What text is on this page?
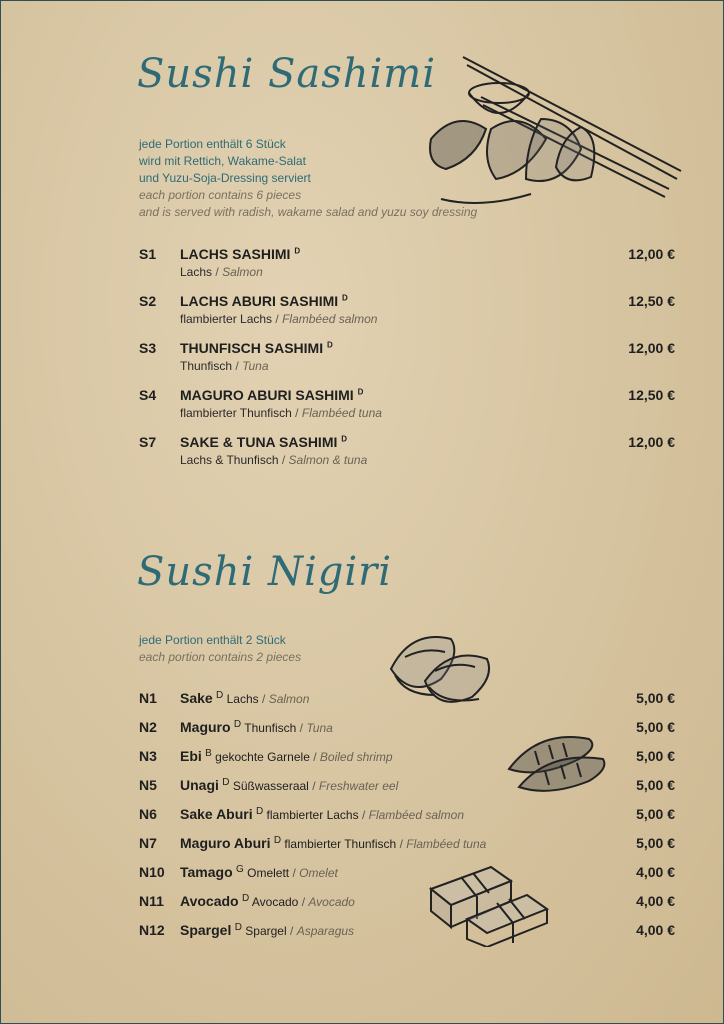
Sushi Sashimi
jede Portion enthält 6 Stück
wird mit Rettich, Wakame-Salat
und Yuzu-Soja-Dressing serviert
each portion contains 6 pieces
and is served with radish, wakame salad and yuzu soy dressing
S1 LACHS SASHIMI $^D$
Lachs / Salmon
12,00 €
S2 LACHS ABURI SASHIMI $^D$
flambierter Lachs / Flambéed salmon
12,50 €
S3 THUNFISCH SASHIMI $^D$
Thunfisch / Tuna
12,00 €
S4 MAGURO ABURI SASHIMI $^D$
flambierter Thunfisch / Flambéed tuna
12,50 €
S7 SAKE & TUNA SASHIMI $^D$
Lachs & Thunfisch / Salmon & tuna
12,00 €
Sushi Nigiri
jede Portion enthält 2 Stück
each portion contains 2 pieces
N1 Sake $^D$ Lachs / Salmon	5,00 €
N2 Maguro $^D$ Thunfisch / Tuna	5,00 €
N3 Ebi $^B$ gekochte Garnele / Boiled shrimp	5,00 €
N5 Unagi $^D$ Süßwasseraal / Freshwater eel	5,00 €
N6 Sake Aburi $^D$ flambierter Lachs / Flambéed salmon	5,00 €
N7 Maguro Aburi $^D$ flambierter Thunfisch / Flambéed tuna	5,00 €
N10 Tamago $^G$ Omelett / Omelet	4,00 €
N11 Avocado $^D$ Avocado / Avocado	4,00 €
N12 Spargel $^D$ Spargel / Asparagus	4,00 €
